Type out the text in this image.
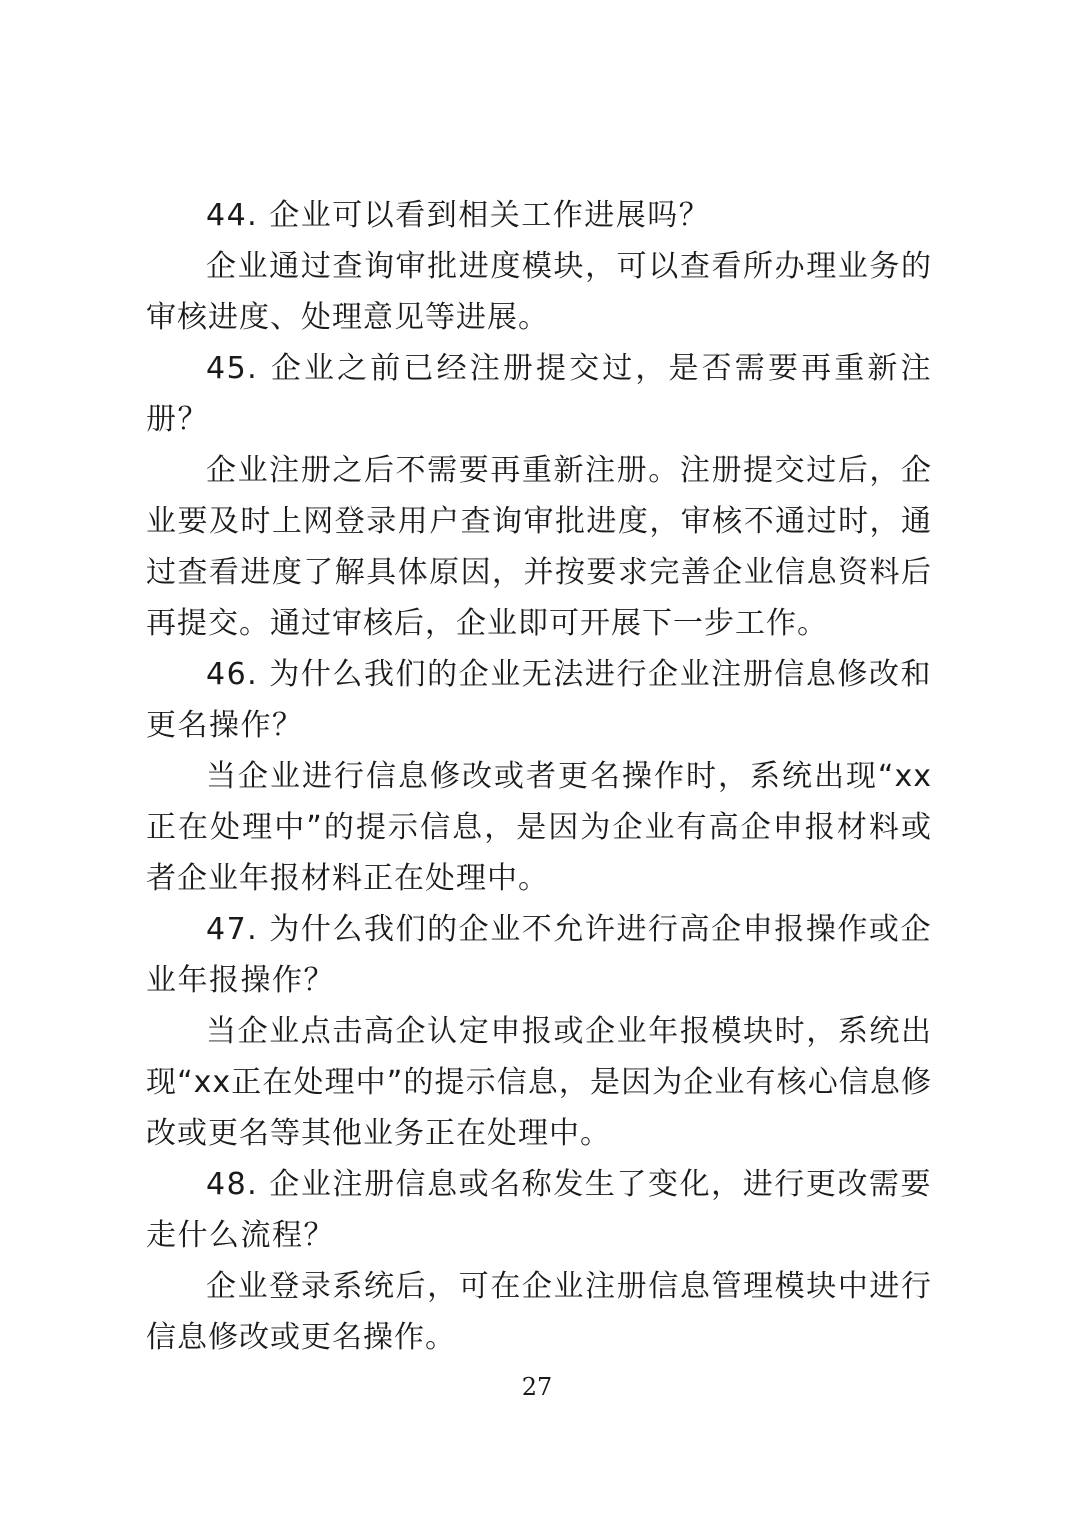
44. 企业可以看到相关工作进展吗？

企业通过查询审批进度模块，可以查看所办理业务的审核进度、处理意见等进展。

45. 企业之前已经注册提交过，是否需要再重新注册？

企业注册之后不需要再重新注册。注册提交过后，企业要及时上网登录用户查询审批进度，审核不通过时，通过查看进度了解具体原因，并按要求完善企业信息资料后再提交。通过审核后，企业即可开展下一步工作。

46. 为什么我们的企业无法进行企业注册信息修改和更名操作？

当企业进行信息修改或者更名操作时，系统出现“xx 正在处理中”的提示信息，是因为企业有高企申报材料或者企业年报材料正在处理中。

47. 为什么我们的企业不允许进行高企申报操作或企业年报操作？

当企业点击高企认定申报或企业年报模块时，系统出现“xx正在处理中”的提示信息，是因为企业有核心信息修改或更名等其他业务正在处理中。

48. 企业注册信息或名称发生了变化，进行更改需要走什么流程？

企业登录系统后，可在企业注册信息管理模块中进行信息修改或更名操作。

27
